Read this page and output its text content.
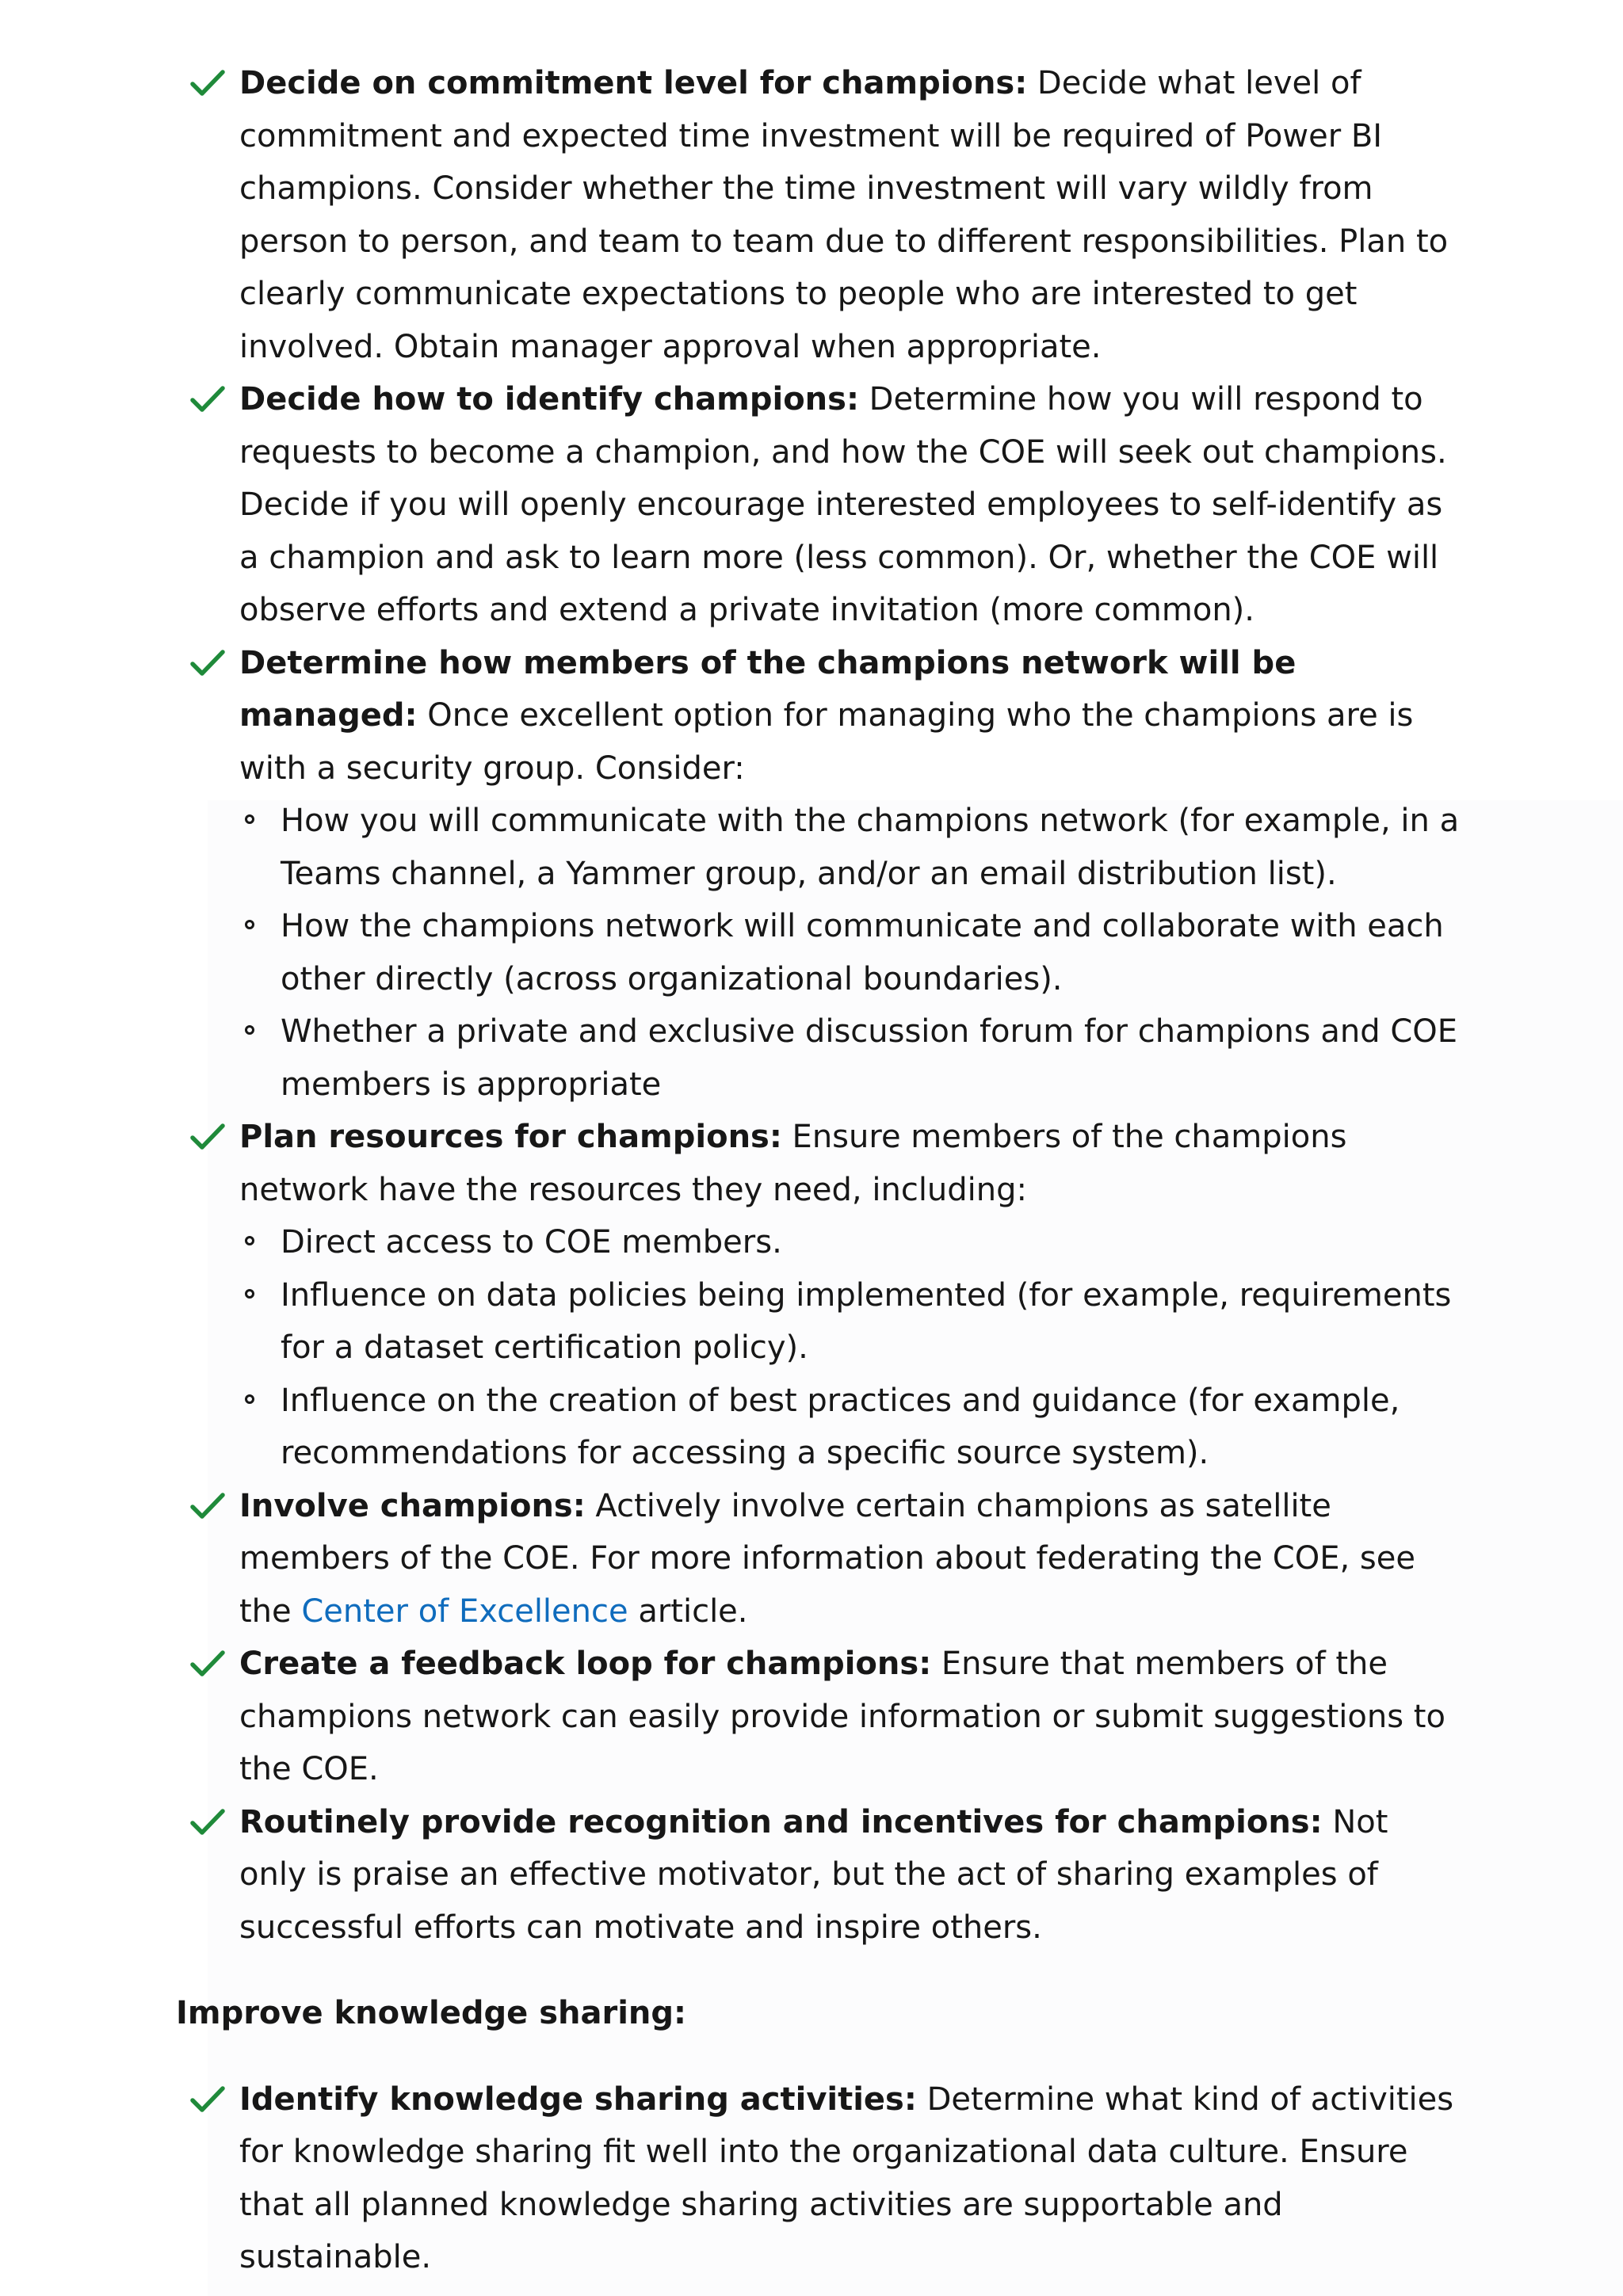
Decide on commitment level for champions: Decide what level of commitment and expected time investment will be required of Power BI champions. Consider whether the time investment will vary wildly from person to person, and team to team due to different responsibilities. Plan to clearly communicate expectations to people who are interested to get involved. Obtain manager approval when appropriate.
Decide how to identify champions: Determine how you will respond to requests to become a champion, and how the COE will seek out champions. Decide if you will openly encourage interested employees to self-identify as a champion and ask to learn more (less common). Or, whether the COE will observe efforts and extend a private invitation (more common).
Determine how members of the champions network will be managed: Once excellent option for managing who the champions are is with a security group. Consider:
How you will communicate with the champions network (for example, in a Teams channel, a Yammer group, and/or an email distribution list).
How the champions network will communicate and collaborate with each other directly (across organizational boundaries).
Whether a private and exclusive discussion forum for champions and COE members is appropriate
Plan resources for champions: Ensure members of the champions network have the resources they need, including:
Direct access to COE members.
Influence on data policies being implemented (for example, requirements for a dataset certification policy).
Influence on the creation of best practices and guidance (for example, recommendations for accessing a specific source system).
Involve champions: Actively involve certain champions as satellite members of the COE. For more information about federating the COE, see the Center of Excellence article.
Create a feedback loop for champions: Ensure that members of the champions network can easily provide information or submit suggestions to the COE.
Routinely provide recognition and incentives for champions: Not only is praise an effective motivator, but the act of sharing examples of successful efforts can motivate and inspire others.
Improve knowledge sharing:
Identify knowledge sharing activities: Determine what kind of activities for knowledge sharing fit well into the organizational data culture. Ensure that all planned knowledge sharing activities are supportable and sustainable.
